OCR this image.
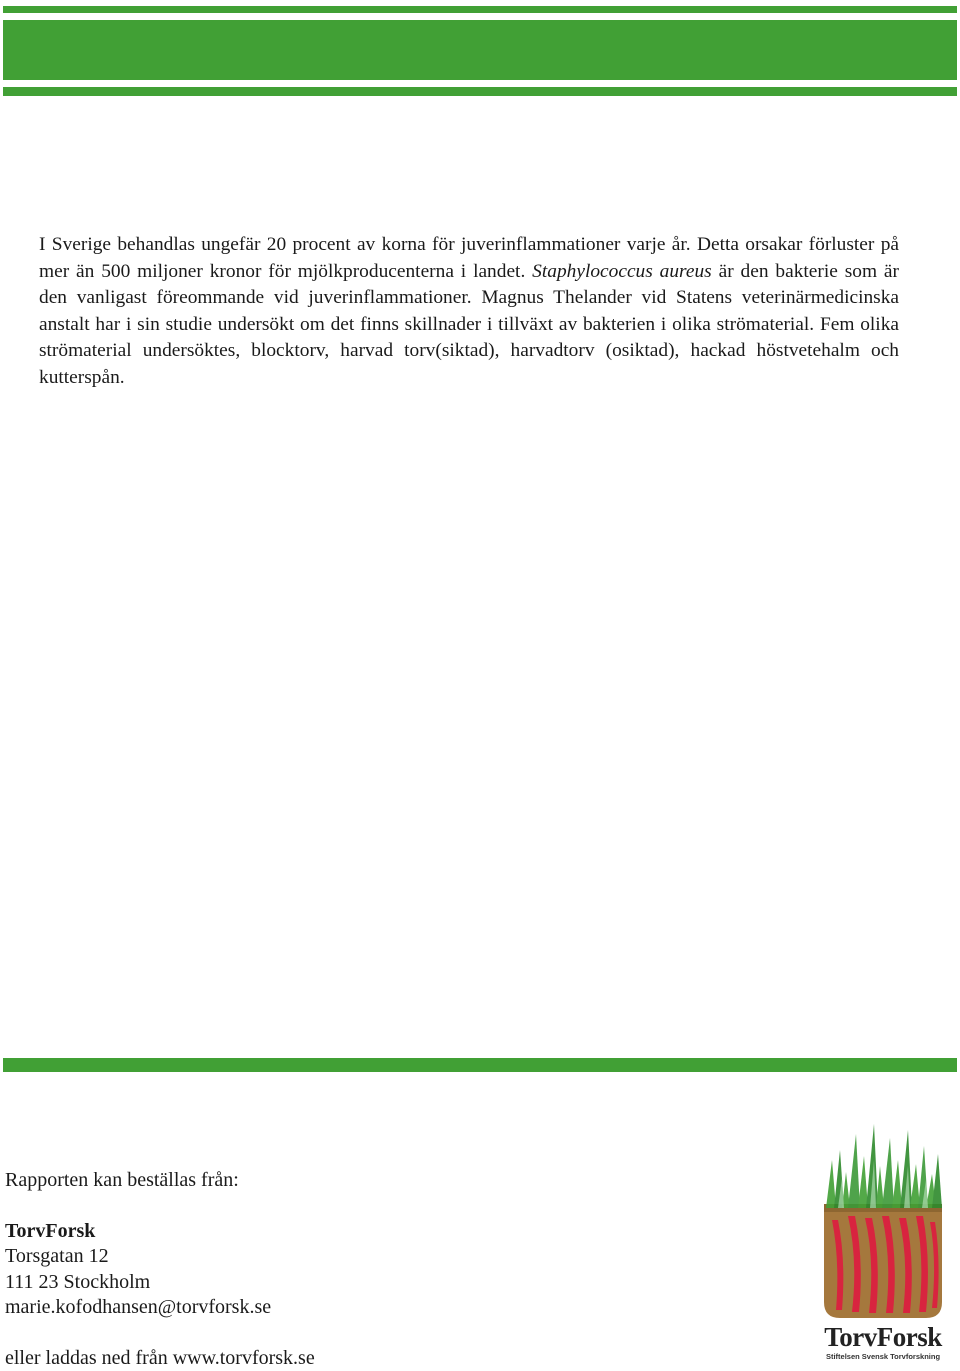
I Sverige behandlas ungefär 20 procent av korna för juverinflammationer varje år. Detta orsakar förluster på mer än 500 miljoner kronor för mjölkproducenterna i landet. Staphylococcus aureus är den bakterie som är den vanligast föreommande vid juverinflammationer. Magnus Thelander vid Statens veterinärmedicinska anstalt har i sin studie undersökt om det finns skillnader i tillväxt av bakterien i olika strömaterial. Fem olika strömaterial undersöktes, blocktorv, harvad torv(siktad), harvadtorv (osiktad), hackad höstvetehalm och kutterspån.

Rapporten kan beställas från:
TorvForsk
Torsgatan 12
111 23 Stockholm
marie.kofodhansen@torvforsk.se
eller laddas ned från www.torvforsk.se
TorvForsk
Stiftelsen Svensk Torvforskning
